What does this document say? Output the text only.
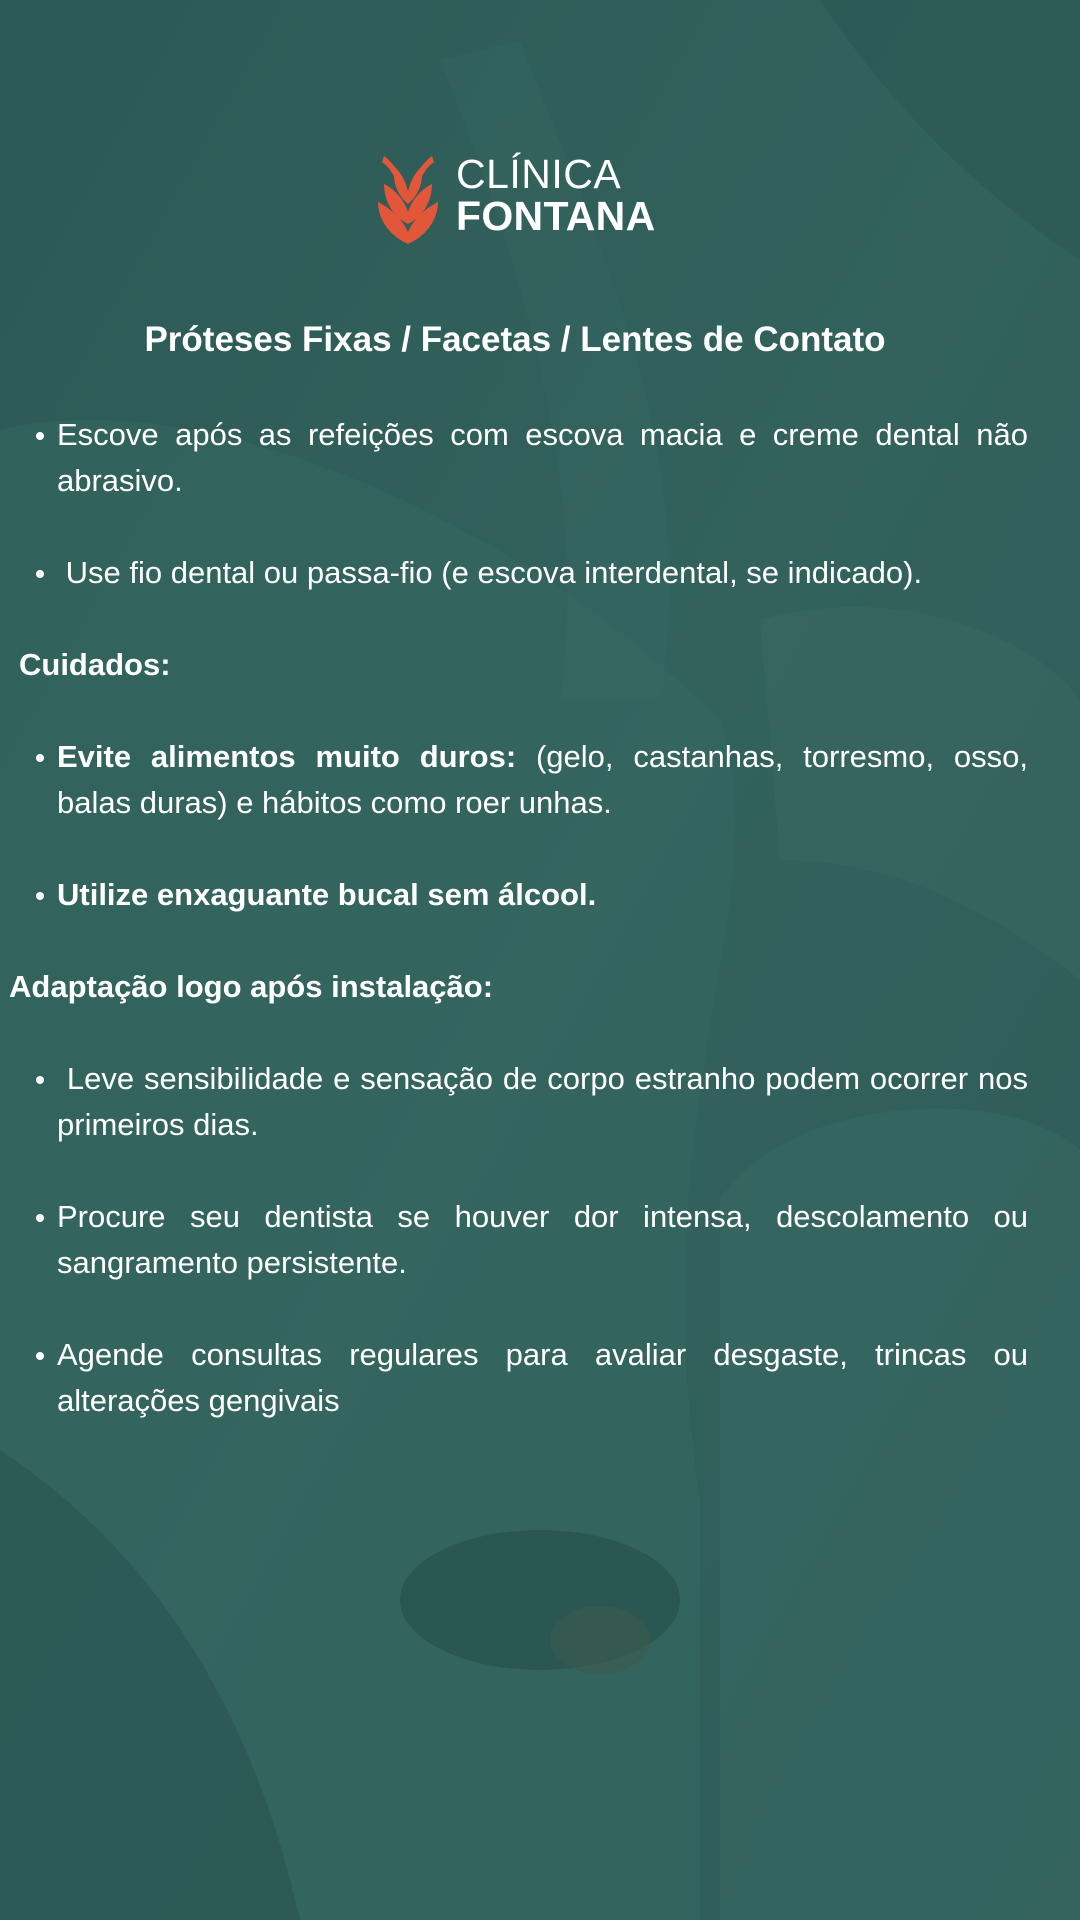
CLÍNICA
FONTANA
Próteses Fixas / Facetas / Lentes de Contato
Escove após as refeições com escova macia e creme dental não abrasivo.
Use fio dental ou passa-fio (e escova interdental, se indicado).
Cuidados:
Evite alimentos muito duros: (gelo, castanhas, torresmo, osso, balas duras) e hábitos como roer unhas.
Utilize enxaguante bucal sem álcool.
Adaptação logo após instalação:
Leve sensibilidade e sensação de corpo estranho podem ocorrer nos primeiros dias.
Procure seu dentista se houver dor intensa, descolamento ou sangramento persistente.
Agende consultas regulares para avaliar desgaste, trincas ou alterações gengivais
